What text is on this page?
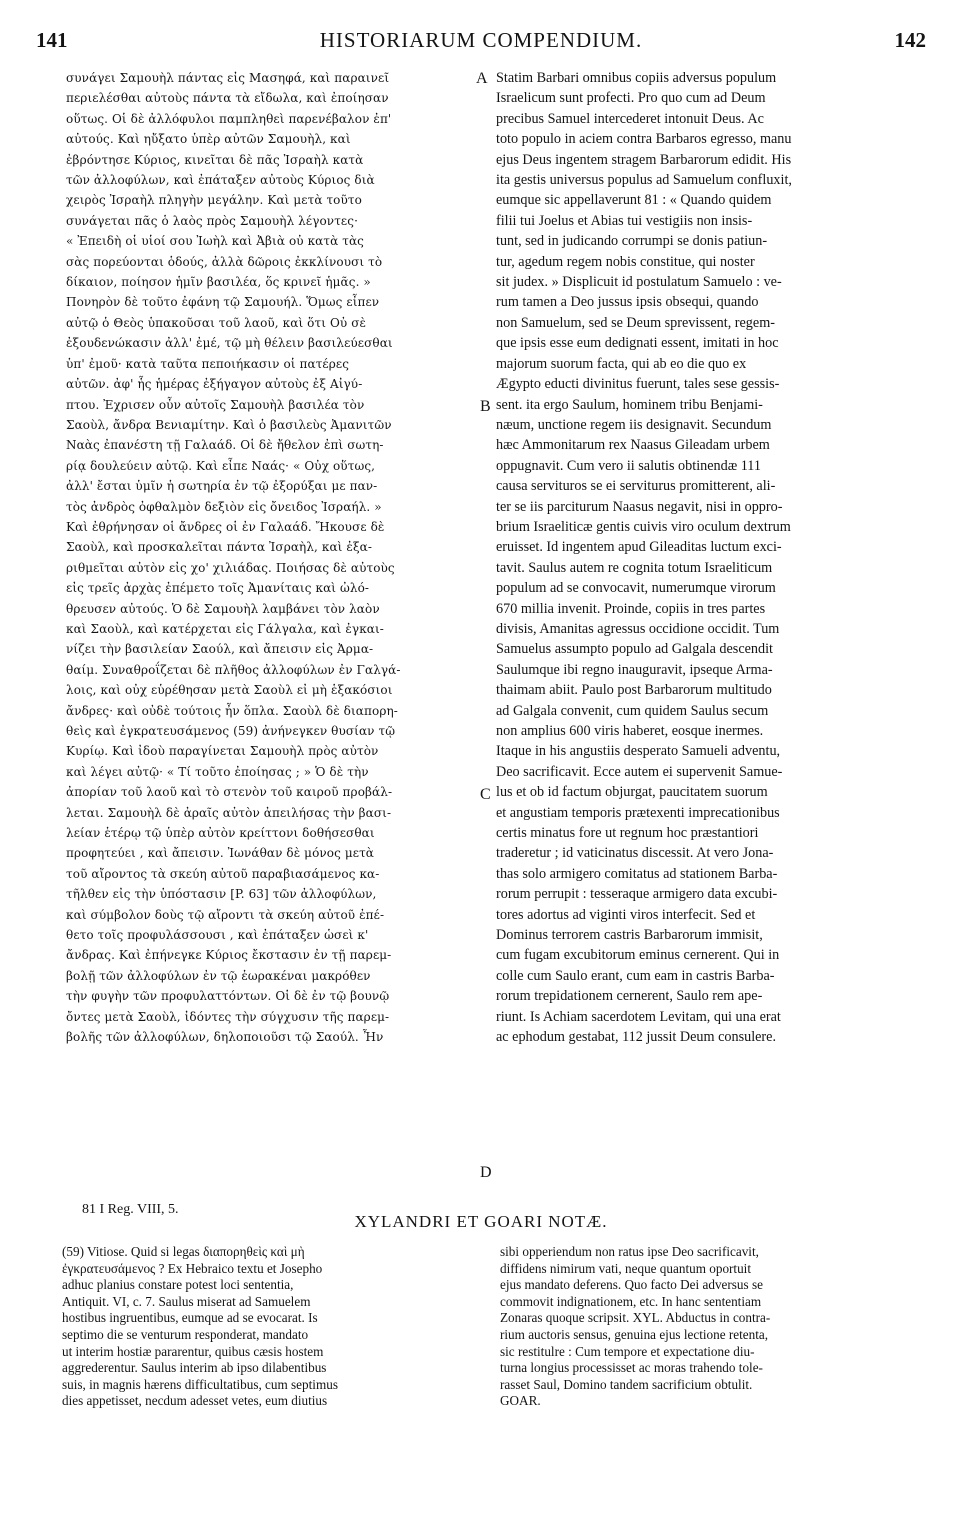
141	HISTORIARUM COMPENDIUM.	142

συνάγει Σαμουὴλ πάντας εἰς Μασηφά, καὶ παραινεῖ

περιελέσθαι αὐτοὺς πάντα τὰ εἴδωλα, καὶ ἐποίησαν

οὕτως. Οἱ δὲ ἀλλόφυλοι παμπληθεὶ παρενέβαλον ἐπ'

αὐτούς. Καὶ ηὔξατο ὑπὲρ αὐτῶν Σαμουὴλ, καὶ

ἐβρόντησε Κύριος, κινεῖται δὲ πᾶς Ἰσραὴλ κατὰ

τῶν ἀλλοφύλων, καὶ ἐπάταξεν αὐτοὺς Κύριος διὰ

χειρὸς Ἰσραὴλ πληγὴν μεγάλην. Καὶ μετὰ τοῦτο

συνάγεται πᾶς ὁ λαὸς πρὸς Σαμουὴλ λέγοντες·

« Ἐπειδὴ οἱ υἱοί σου Ἰωὴλ καὶ Ἀβιὰ οὐ κατὰ τὰς

σὰς πορεύονται ὁδούς, ἀλλὰ δῶροις ἐκκλίνουσι τὸ

δίκαιον, ποίησον ἡμῖν βασιλέα, ὅς κρινεῖ ἡμᾶς. »

Πονηρὸν δὲ τοῦτο ἐφάνη τῷ Σαμουήλ. Ὅμως εἶπεν

αὐτῷ ὁ Θεὸς ὑπακοῦσαι τοῦ λαοῦ, καὶ ὅτι Οὐ σὲ

ἐξουδενώκασιν ἀλλ' ἐμέ, τῷ μὴ θέλειν βασιλεύεσθαι

ὑπ' ἐμοῦ· κατὰ ταῦτα πεποιήκασιν οἱ πατέρες

αὐτῶν. ἀφ' ἧς ἡμέρας ἐξήγαγον αὐτοὺς ἐξ Αἰγύ-

πτου. Ἐχρισεν οὖν αὐτοῖς Σαμουὴλ βασιλέα τὸν

Σαοὺλ, ἄνδρα Βενιαμίτην. Καὶ ὁ βασιλεὺς Ἀμανιτῶν

Ναὰς ἐπανέστη τῇ Γαλαάδ. Οἱ δὲ ἤθελον ἐπὶ σωτη-

ρίᾳ δουλεύειν αὐτῷ. Καὶ εἶπε Ναάς· « Οὐχ οὕτως,

ἀλλ' ἔσται ὑμῖν ἡ σωτηρία ἐν τῷ ἐξορύξαι με παν-

τὸς ἀνδρὸς ὀφθαλμὸν δεξιὸν εἰς ὄνειδος Ἰσραήλ. »

Καὶ ἐθρήνησαν οἱ ἄνδρες οἱ ἐν Γαλαάδ. Ἤκουσε δὲ

Σαοὺλ, καὶ προσκαλεῖται πάντα Ἰσραὴλ, καὶ ἐξα-

ριθμεῖται αὐτὸν εἰς χο' χιλιάδας. Ποιήσας δὲ αὐτοὺς

εἰς τρεῖς ἀρχὰς ἐπέμετο τοῖς Ἀμανίταις καὶ ὠλό-

θρευσεν αὐτούς. Ὁ δὲ Σαμουὴλ λαμβάνει τὸν λαὸν

καὶ Σαοὺλ, καὶ κατέρχεται εἰς Γάλγαλα, καὶ ἐγκαι-

νίζει τὴν βασιλείαν Σαούλ, καὶ ἄπεισιν εἰς Ἀρμα-

θαίμ. Συναθροΐζεται δὲ πλῆθος ἀλλοφύλων ἐν Γαλγά-

λοις, καὶ οὐχ εὑρέθησαν μετὰ Σαοὺλ εἰ μὴ ἑξακόσιοι

ἄνδρες· καὶ οὐδὲ τούτοις ἦν ὅπλα. Σαοὺλ δὲ διαπορη-

θεὶς καὶ ἐγκρατευσάμενος (59) ἀνήνεγκεν θυσίαν τῷ

Κυρίῳ. Καὶ ἰδοὺ παραγίνεται Σαμουὴλ πρὸς αὐτὸν

καὶ λέγει αὐτῷ· « Τί τοῦτο ἐποίησας ; » Ὁ δὲ τὴν

ἀπορίαν τοῦ λαοῦ καὶ τὸ στενὸν τοῦ καιροῦ προβάλ-

λεται. Σαμουὴλ δὲ ἀραῖς αὐτὸν ἀπειλήσας τὴν βασι-

λείαν ἑτέρῳ τῷ ὑπὲρ αὐτὸν κρείττονι δοθήσεσθαι

προφητεύει , καὶ ἄπεισιν. Ἰωνάθαν δὲ μόνος μετὰ

τοῦ αἴροντος τὰ σκεύη αὐτοῦ παραβιασάμενος κα-

τῆλθεν εἰς τὴν ὑπόστασιν [P. 63] τῶν ἀλλοφύλων,

καὶ σύμβολον δοὺς τῷ αἴροντι τὰ σκεύη αὐτοῦ ἐπέ-

θετο τοῖς προφυλάσσουσι , καὶ ἐπάταξεν ὡσεὶ κ'

ἄνδρας. Καὶ ἐπήνεγκε Κύριος ἔκστασιν ἐν τῇ παρεμ-

βολῇ τῶν ἀλλοφύλων ἐν τῷ ἑωρακέναι μακρόθεν

τὴν φυγὴν τῶν προφυλαττόντων. Οἱ δὲ ἐν τῷ βουνῷ

ὄντες μετὰ Σαοὺλ, ἰδόντες τὴν σύγχυσιν τῆς παρεμ-

βολῆς τῶν ἀλλοφύλων, δηλοποιοῦσι τῷ Σαούλ. Ἦν

Statim Barbari omnibus copiis adversus populum

Israelicum sunt profecti. Pro quo cum ad Deum

precibus Samuel intercederet intonuit Deus. Ac

toto populo in aciem contra Barbaros egresso, manu

ejus Deus ingentem stragem Barbarorum edidit. His

ita gestis universus populus ad Samuelum confluxit,

eumque sic appellaverunt 81 : « Quando quidem

filii tui Joelus et Abias tui vestigiis non insis-

tunt, sed in judicando corrumpi se donis patiun-

tur, agedum regem nobis constitue, qui noster

sit judex. » Displicuit id postulatum Samuelo : ve-

rum tamen a Deo jussus ipsis obsequi, quando

non Samuelum, sed se Deum sprevissent, regem-

que ipsis esse eum dedignati essent, imitati in hoc

majorum suorum facta, qui ab eo die quo ex

Ægypto educti divinitus fuerunt, tales sese gessis-

sent. ita ergo Saulum, hominem tribu Benjami-

næum, unctione regem iis designavit. Secundum

hæc Ammonitarum rex Naasus Gileadam urbem

oppugnavit. Cum vero ii salutis obtinendæ 111

causa servituros se ei serviturus promitterent, ali-

ter se iis parciturum Naasus negavit, nisi in oppro-

brium Israeliticæ gentis cuivis viro oculum dextrum

eruisset. Id ingentem apud Gileaditas luctum exci-

tavit. Saulus autem re cognita totum Israeliticum

populum ad se convocavit, numerumque virorum

670 millia invenit. Proinde, copiis in tres partes

divisis, Amanitas agressus occidione occidit. Tum

Samuelus assumpto populo ad Galgala descendit

Saulumque ibi regno inauguravit, ipseque Arma-

thaimam abiit. Paulo post Barbarorum multitudo

ad Galgala convenit, cum quidem Saulus secum

non amplius 600 viris haberet, eosque inermes.

Itaque in his angustiis desperato Samueli adventu,

Deo sacrificavit. Ecce autem ei supervenit Samue-

lus et ob id factum objurgat, paucitatem suorum

et angustiam temporis prætexenti imprecationibus

certis minatus fore ut regnum hoc præstantiori

traderetur ; id vaticinatus discessit. At vero Jona-

thas solo armigero comitatus ad stationem Barba-

rorum perrupit : tesseraque armigero data excubi-

tores adortus ad viginti viros interfecit. Sed et

Dominus terrorem castris Barbarorum immisit,

cum fugam excubitorum eminus cernerent. Qui in

colle cum Saulo erant, cum eam in castris Barba-

rorum trepidationem cernerent, Saulo rem ape-

riunt. Is Achiam sacerdotem Levitam, qui una erat

ac ephodum gestabat, 112 jussit Deum consulere.

A
B
C
D
81 I Reg. VIII, 5.
XYLANDRI ET GOARI NOTÆ.

(59) Vitiose. Quid si legas διαπορηθεὶς καὶ μὴ

ἐγκρατευσάμενος ? Ex Hebraico textu et Josepho

adhuc planius constare potest loci sententia,

Antiquit. VI, c. 7. Saulus miserat ad Samuelem

hostibus ingruentibus, eumque ad se evocarat. Is

septimo die se venturum responderat, mandato

ut interim hostiæ pararentur, quibus cæsis hostem

aggrederentur. Saulus interim ab ipso dilabentibus

suis, in magnis hærens difficultatibus, cum septimus

dies appetisset, necdum adesset vetes, eum diutius

sibi opperiendum non ratus ipse Deo sacrificavit,

diffidens nimirum vati, neque quantum oportuit

ejus mandato deferens. Quo facto Dei adversus se

commovit indignationem, etc. In hanc sententiam

Zonaras quoque scripsit. XYL. Abductus in contra-

rium auctoris sensus, genuina ejus lectione retenta,

sic restitulre : Cum tempore et expectatione diu-

turna longius processisset ac moras trahendo tole-

rasset Saul, Domino tandem sacrificium obtulit.

GOAR.
